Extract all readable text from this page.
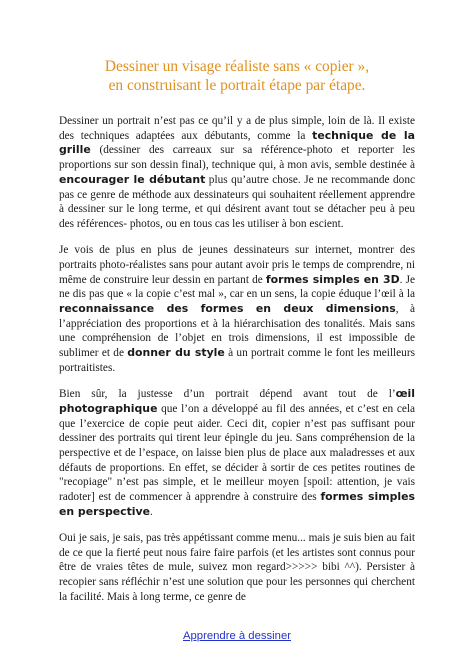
Dessiner un visage réaliste sans « copier »,
en construisant le portrait étape par étape.

Dessiner un portrait n’est pas ce qu’il y a de plus simple, loin de là. Il existe des techniques adaptées aux débutants, comme la technique de la grille (dessiner des carreaux sur sa référence-photo et reporter les proportions sur son dessin final), technique qui, à mon avis, semble destinée à encourager le débutant plus qu’autre chose. Je ne recommande donc pas ce genre de méthode aux dessinateurs qui souhaitent réellement apprendre à dessiner sur le long terme, et qui désirent avant tout se détacher peu à peu des références- photos, ou en tous cas les utiliser à bon escient.

Je vois de plus en plus de jeunes dessinateurs sur internet, montrer des portraits photo-réalistes sans pour autant avoir pris le temps de comprendre, ni même de construire leur dessin en partant de formes simples en 3D. Je ne dis pas que « la copie c’est mal », car en un sens, la copie éduque l’œil à la reconnaissance des formes en deux dimensions, à l’appréciation des proportions et à la hiérarchisation des tonalités. Mais sans une compréhension de l’objet en trois dimensions, il est impossible de sublimer et de donner du style à un portrait comme le font les meilleurs portraitistes.

Bien sûr, la justesse d’un portrait dépend avant tout de l’œil photographique que l’on a développé au fil des années, et c’est en cela que l’exercice de copie peut aider. Ceci dit, copier n’est pas suffisant pour dessiner des portraits qui tirent leur épingle du jeu. Sans compréhension de la perspective et de l’espace, on laisse bien plus de place aux maladresses et aux défauts de proportions. En effet, se décider à sortir de ces petites routines de "recopiage" n’est pas simple, et le meilleur moyen [spoil: attention, je vais radoter] est de commencer à apprendre à construire des formes simples en perspective.

Oui je sais, je sais, pas très appétissant comme menu... mais je suis bien au fait de ce que la fierté peut nous faire faire parfois (et les artistes sont connus pour être de vraies têtes de mule, suivez mon regard>>>>> bibi ^^). Persister à recopier sans réfléchir n’est une solution que pour les personnes qui cherchent la facilité. Mais à long terme, ce genre de

Apprendre à dessiner
